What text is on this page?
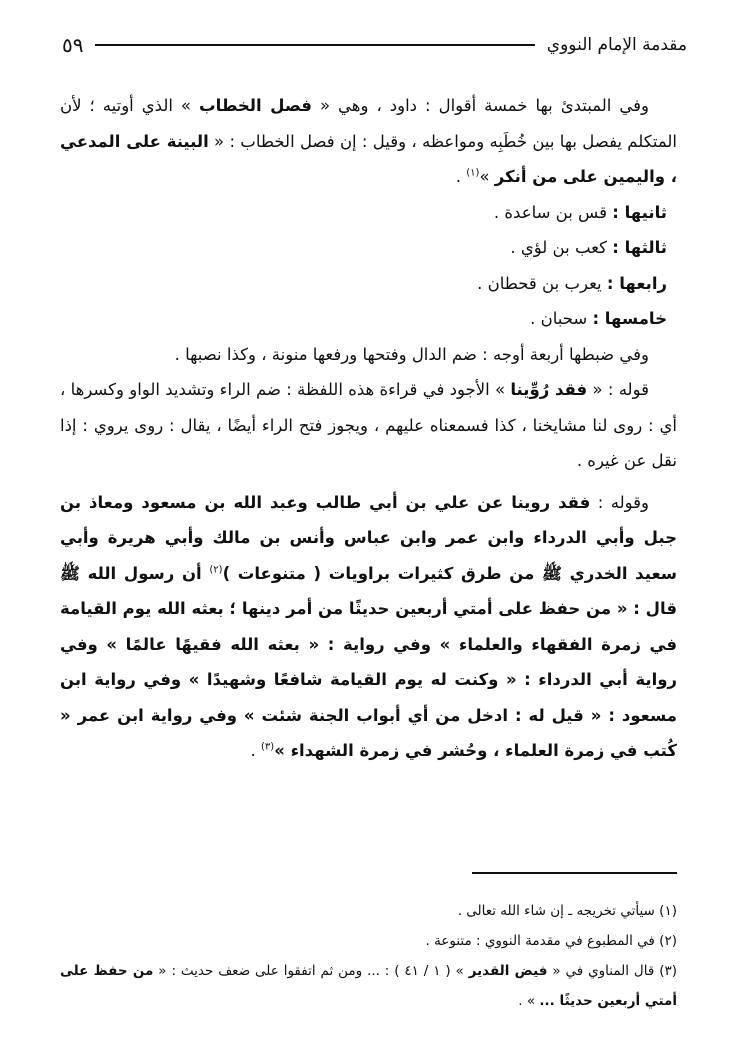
مقدمة الإمام النووي
٥٩

وفي المبتدئ بها خمسة أقوال : داود ، وهي « فصل الخطاب » الذي أوتيه ؛ لأن المتكلم يفصل بها بين خُطَبِه ومواعظه ، وقيل : إن فصل الخطاب : « البينة على المدعي ، واليمين على من أنكر »$^{(١)}$ .

ثانيها : قس بن ساعدة .

ثالثها : كعب بن لؤي .

رابعها : يعرب بن قحطان .

خامسها : سحبان .

وفي ضبطها أربعة أوجه : ضم الدال وفتحها ورفعها منونة ، وكذا نصبها .

قوله : « فقد رُوِّينا » الأجود في قراءة هذه اللفظة : ضم الراء وتشديد الواو وكسرها ، أي : روى لنا مشايخنا ، كذا فسمعناه عليهم ، ويجوز فتح الراء أيضًا ، يقال : روى يروي : إذا نقل عن غيره .

وقوله : فقد روينا عن علي بن أبي طالب وعبد الله بن مسعود ومعاذ بن جبل وأبي الدرداء وابن عمر وابن عباس وأنس بن مالك وأبي هريرة وأبي سعيد الخدري ﷺ من طرق كثيرات براويات ( متنوعات )$^{(٢)}$ أن رسول الله ﷺ قال : « من حفظ على أمتي أربعين حديثًا من أمر دينها ؛ بعثه الله يوم القيامة في زمرة الفقهاء والعلماء » وفي رواية : « بعثه الله فقيهًا عالمًا » وفي رواية أبي الدرداء : « وكنت له يوم القيامة شافعًا وشهيدًا » وفي رواية ابن مسعود : « قيل له : ادخل من أي أبواب الجنة شئت » وفي رواية ابن عمر « كُتب في زمرة العلماء ، وحُشر في زمرة الشهداء »$^{(٣)}$ .

(١) سيأتي تخريجه ـ إن شاء الله تعالى .

(٢) في المطبوع في مقدمة النووي : متنوعة .

(٣) قال المناوي في « فيض القدير » ( ١ / ٤١ ) : ... ومن ثم اتفقوا على ضعف حديث : « من حفظ على أمتي أربعين حديثًا ... » .
